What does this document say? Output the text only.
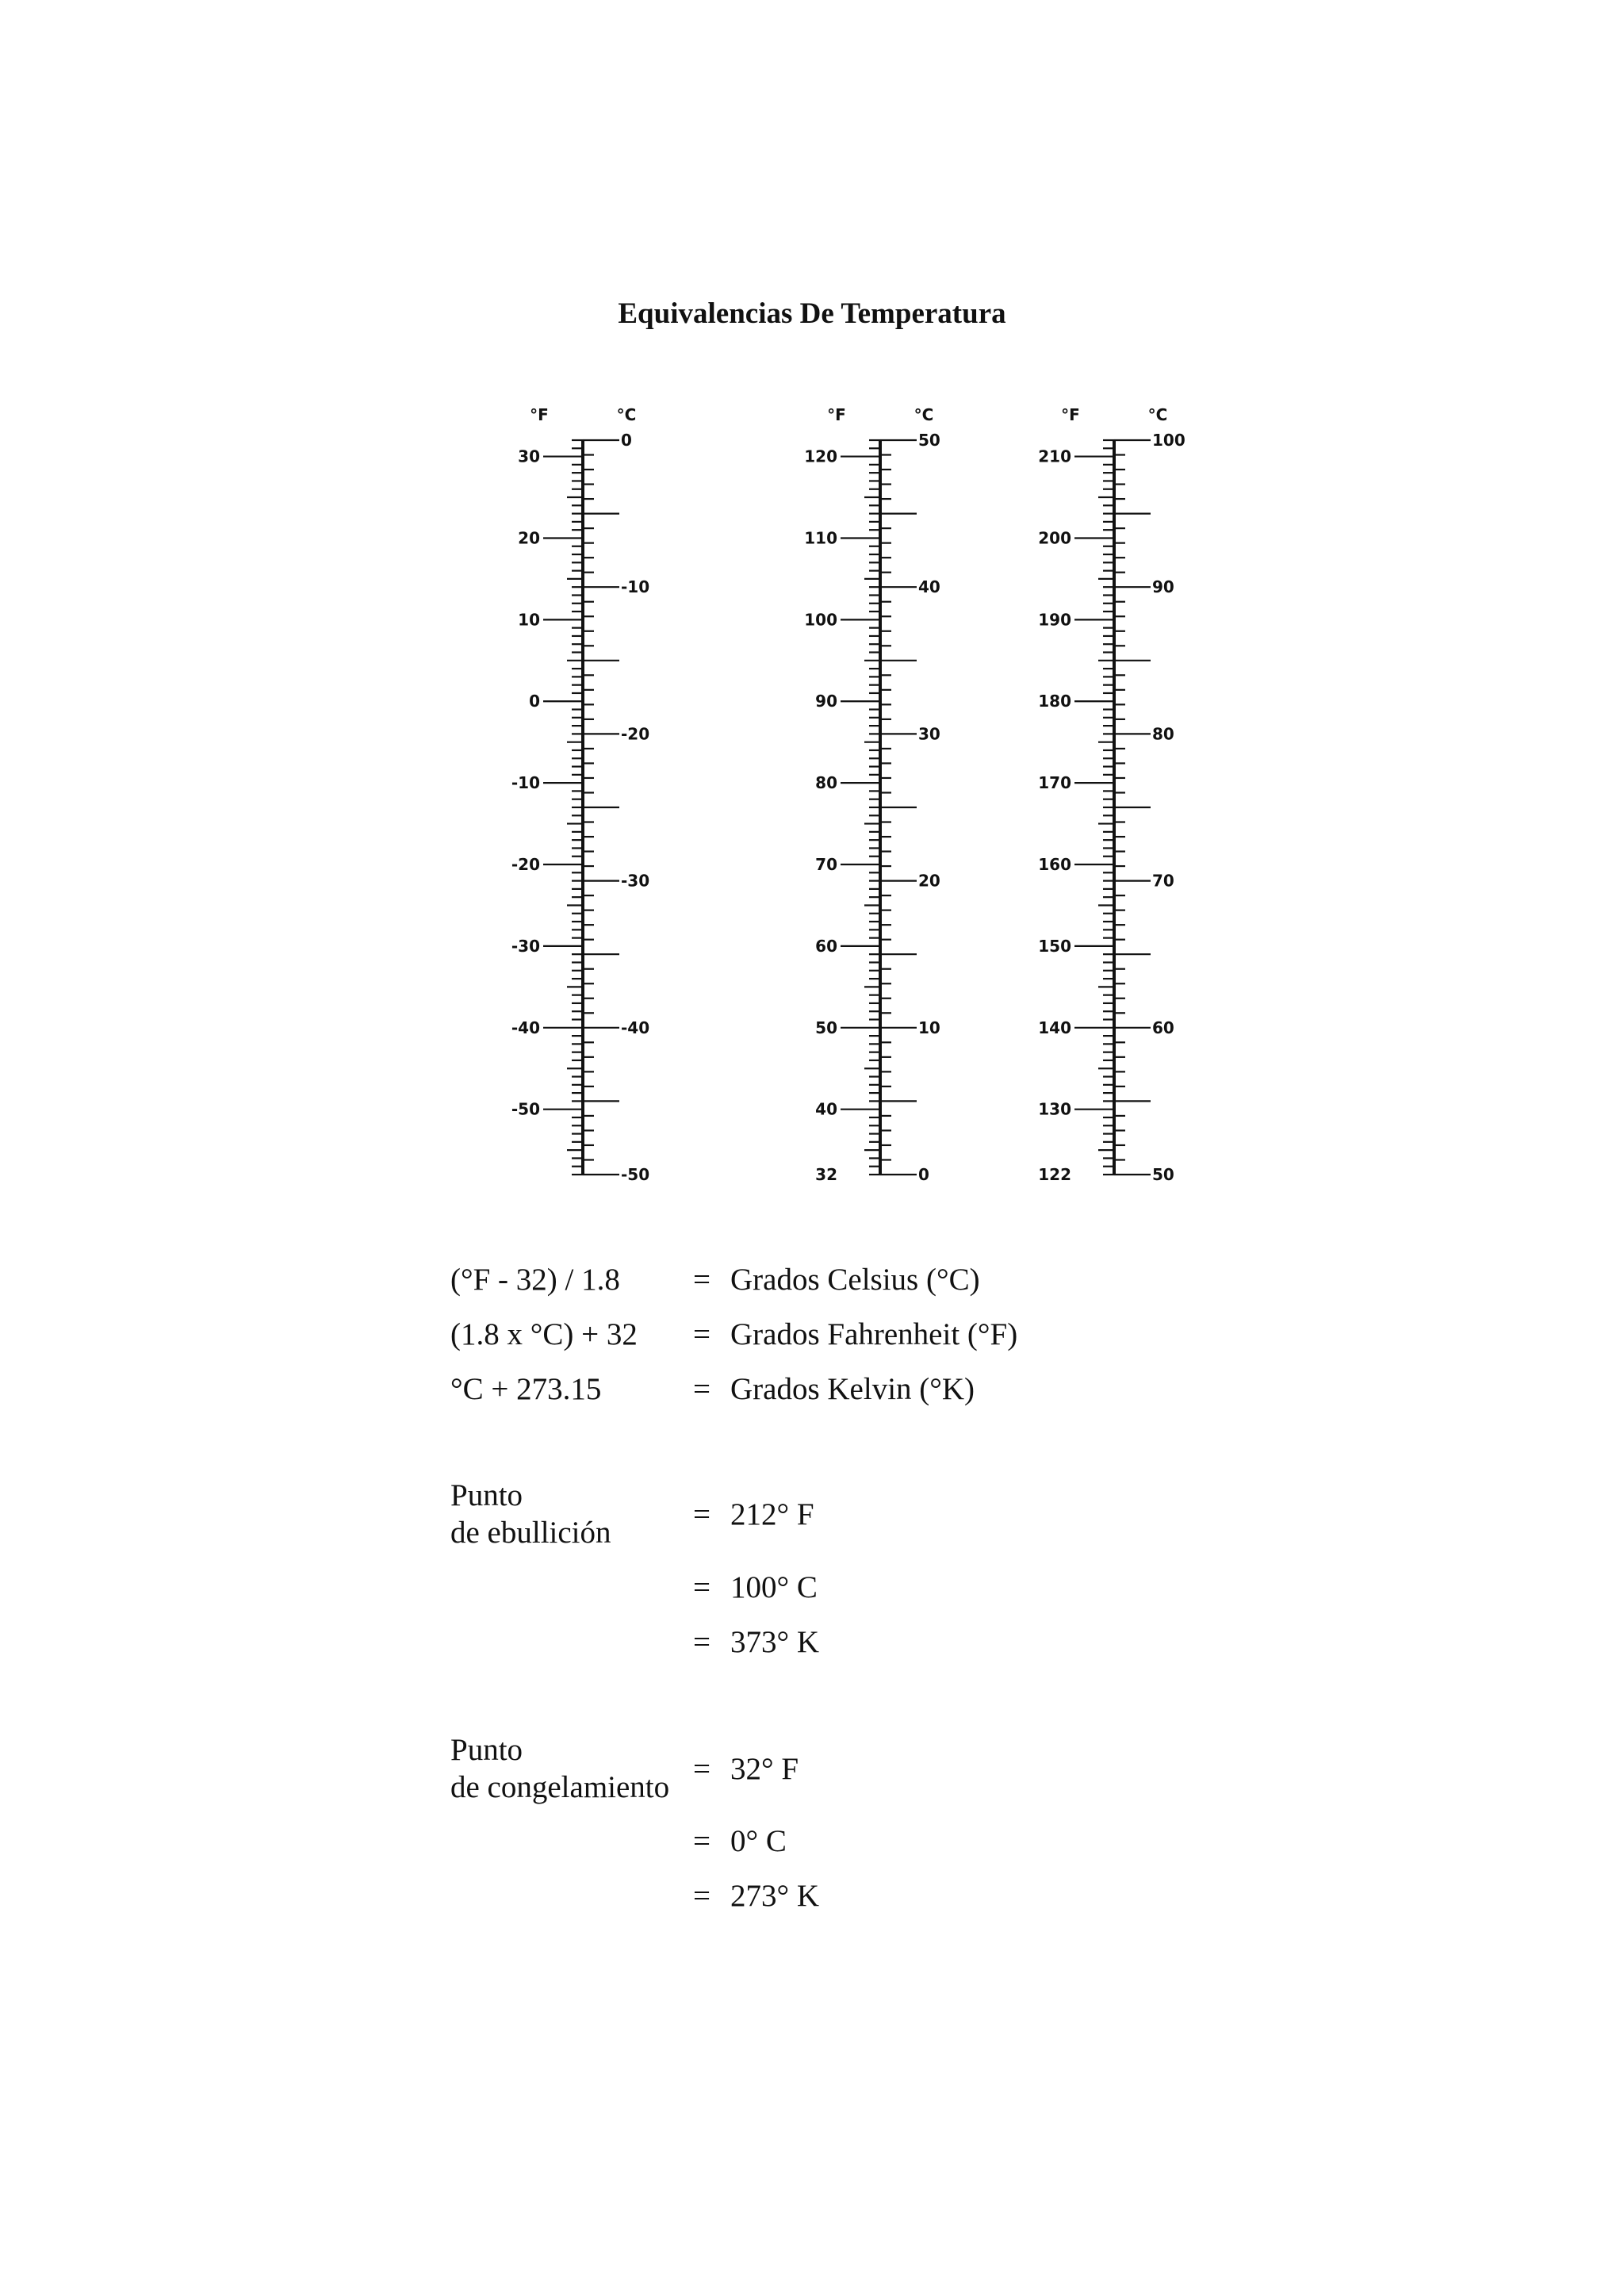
Equivalencias De Temperatura
°F	°C
30
20
10
0
-10
-20
-30
-40
-50
0
-10
-20
-30
-40
-50
°F	°C
120
110
100
90
80
70
60
50
40
32
50
40
30
20
10
0
°F	°C
210
200
190
180
170
160
150
140
130
122
100
90
80
70
60
50
(°F - 32) / 1.8	= Grados Celsius (°C)
(1.8 x °C) + 32	= Grados Fahrenheit (°F)
°C + 273.15	= Grados Kelvin (°K)
Punto
de ebullición
= 212° F
= 100° C
= 373° K
Punto
de congelamiento
= 32° F
= 0° C
= 273° K
